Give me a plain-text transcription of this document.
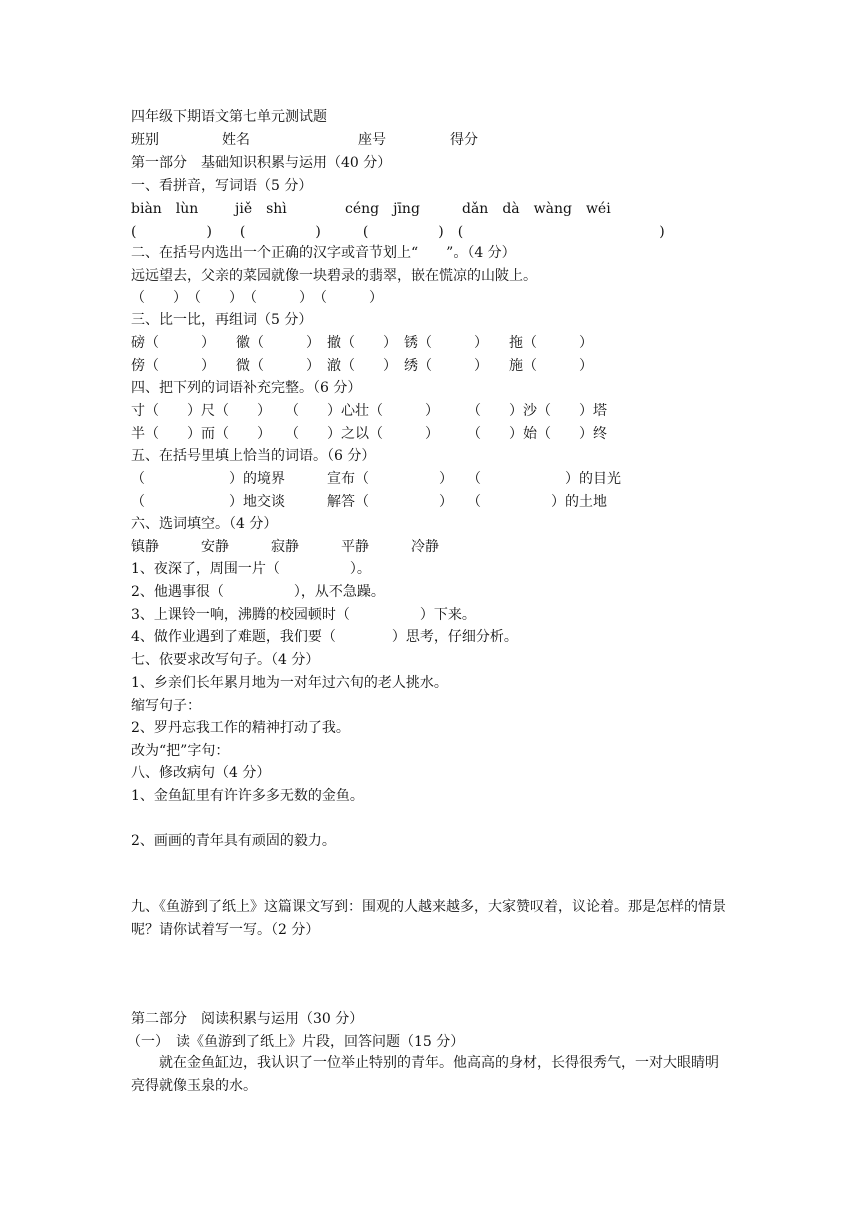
四年级下期语文第七单元测试题
班别	姓名	座号	得分
第一部分　基础知识积累与运用（40 分）
一、看拼音，写词语（5 分）
biàn　lùn	jiě　shì	céng　jīng	dǎn　dà　wàng　wéi
(　　　　　)　　(　　　　　)　　　(　　　　　)　(　　　　　　　　　　　　　　)
二、在括号内选出一个正确的汉字或音节划上“　　”。（4 分）
远远望去，父亲的菜园就像一块碧录的翡翠，嵌在慌凉的山陂上。
（　　）　（　　）　（　　　）　（　　　）
三、比一比，再组词（5 分）
磅（　　　）　　徽（　　　）　撤（　　）　锈（　　　）　　拖（　　　）
傍（　　　）　　微（　　　）　澈（　　）　绣（　　　）　　施（　　　）
四、把下列的词语补充完整。（6 分）
寸（　　）尺（　　）　　（　　）心壮（　　　）　　　（　　）沙（　　）塔
半（　　）而（　　）　　（　　）之以（　　　）　　　（　　）始（　　）终
五、在括号里填上恰当的词语。（6 分）
（　　　　　　）的境界　　　宣布（　　　　　）　　（　　　　　　）的目光
（　　　　　　）地交谈　　　解答（　　　　　）　　（　　　　　）的土地
六、选词填空。（4 分）
镇静　　　安静　　　寂静　　　平静　　　冷静
1、夜深了，周围一片（　　　　　）。
2、他遇事很（　　　　　），从不急躁。
3、上课铃一响，沸腾的校园顿时（　　　　　）下来。
4、做作业遇到了难题，我们要（　　　　）思考，仔细分析。
七、依要求改写句子。（4 分）
1、乡亲们长年累月地为一对年过六旬的老人挑水。
缩写句子：
2、罗丹忘我工作的精神打动了我。
改为“把”字句：
八、修改病句（4 分）
1、金鱼缸里有许许多多无数的金鱼。
2、画画的青年具有顽固的毅力。
九、《鱼游到了纸上》这篇课文写到：围观的人越来越多，大家赞叹着，议论着。那是怎样的情景呢？请你试着写一写。（2 分）
第二部分　阅读积累与运用（30 分）
（一）　读《鱼游到了纸上》片段，回答问题（15 分）
就在金鱼缸边，我认识了一位举止特别的青年。他高高的身材，长得很秀气，一对大眼睛明亮得就像玉泉的水。
